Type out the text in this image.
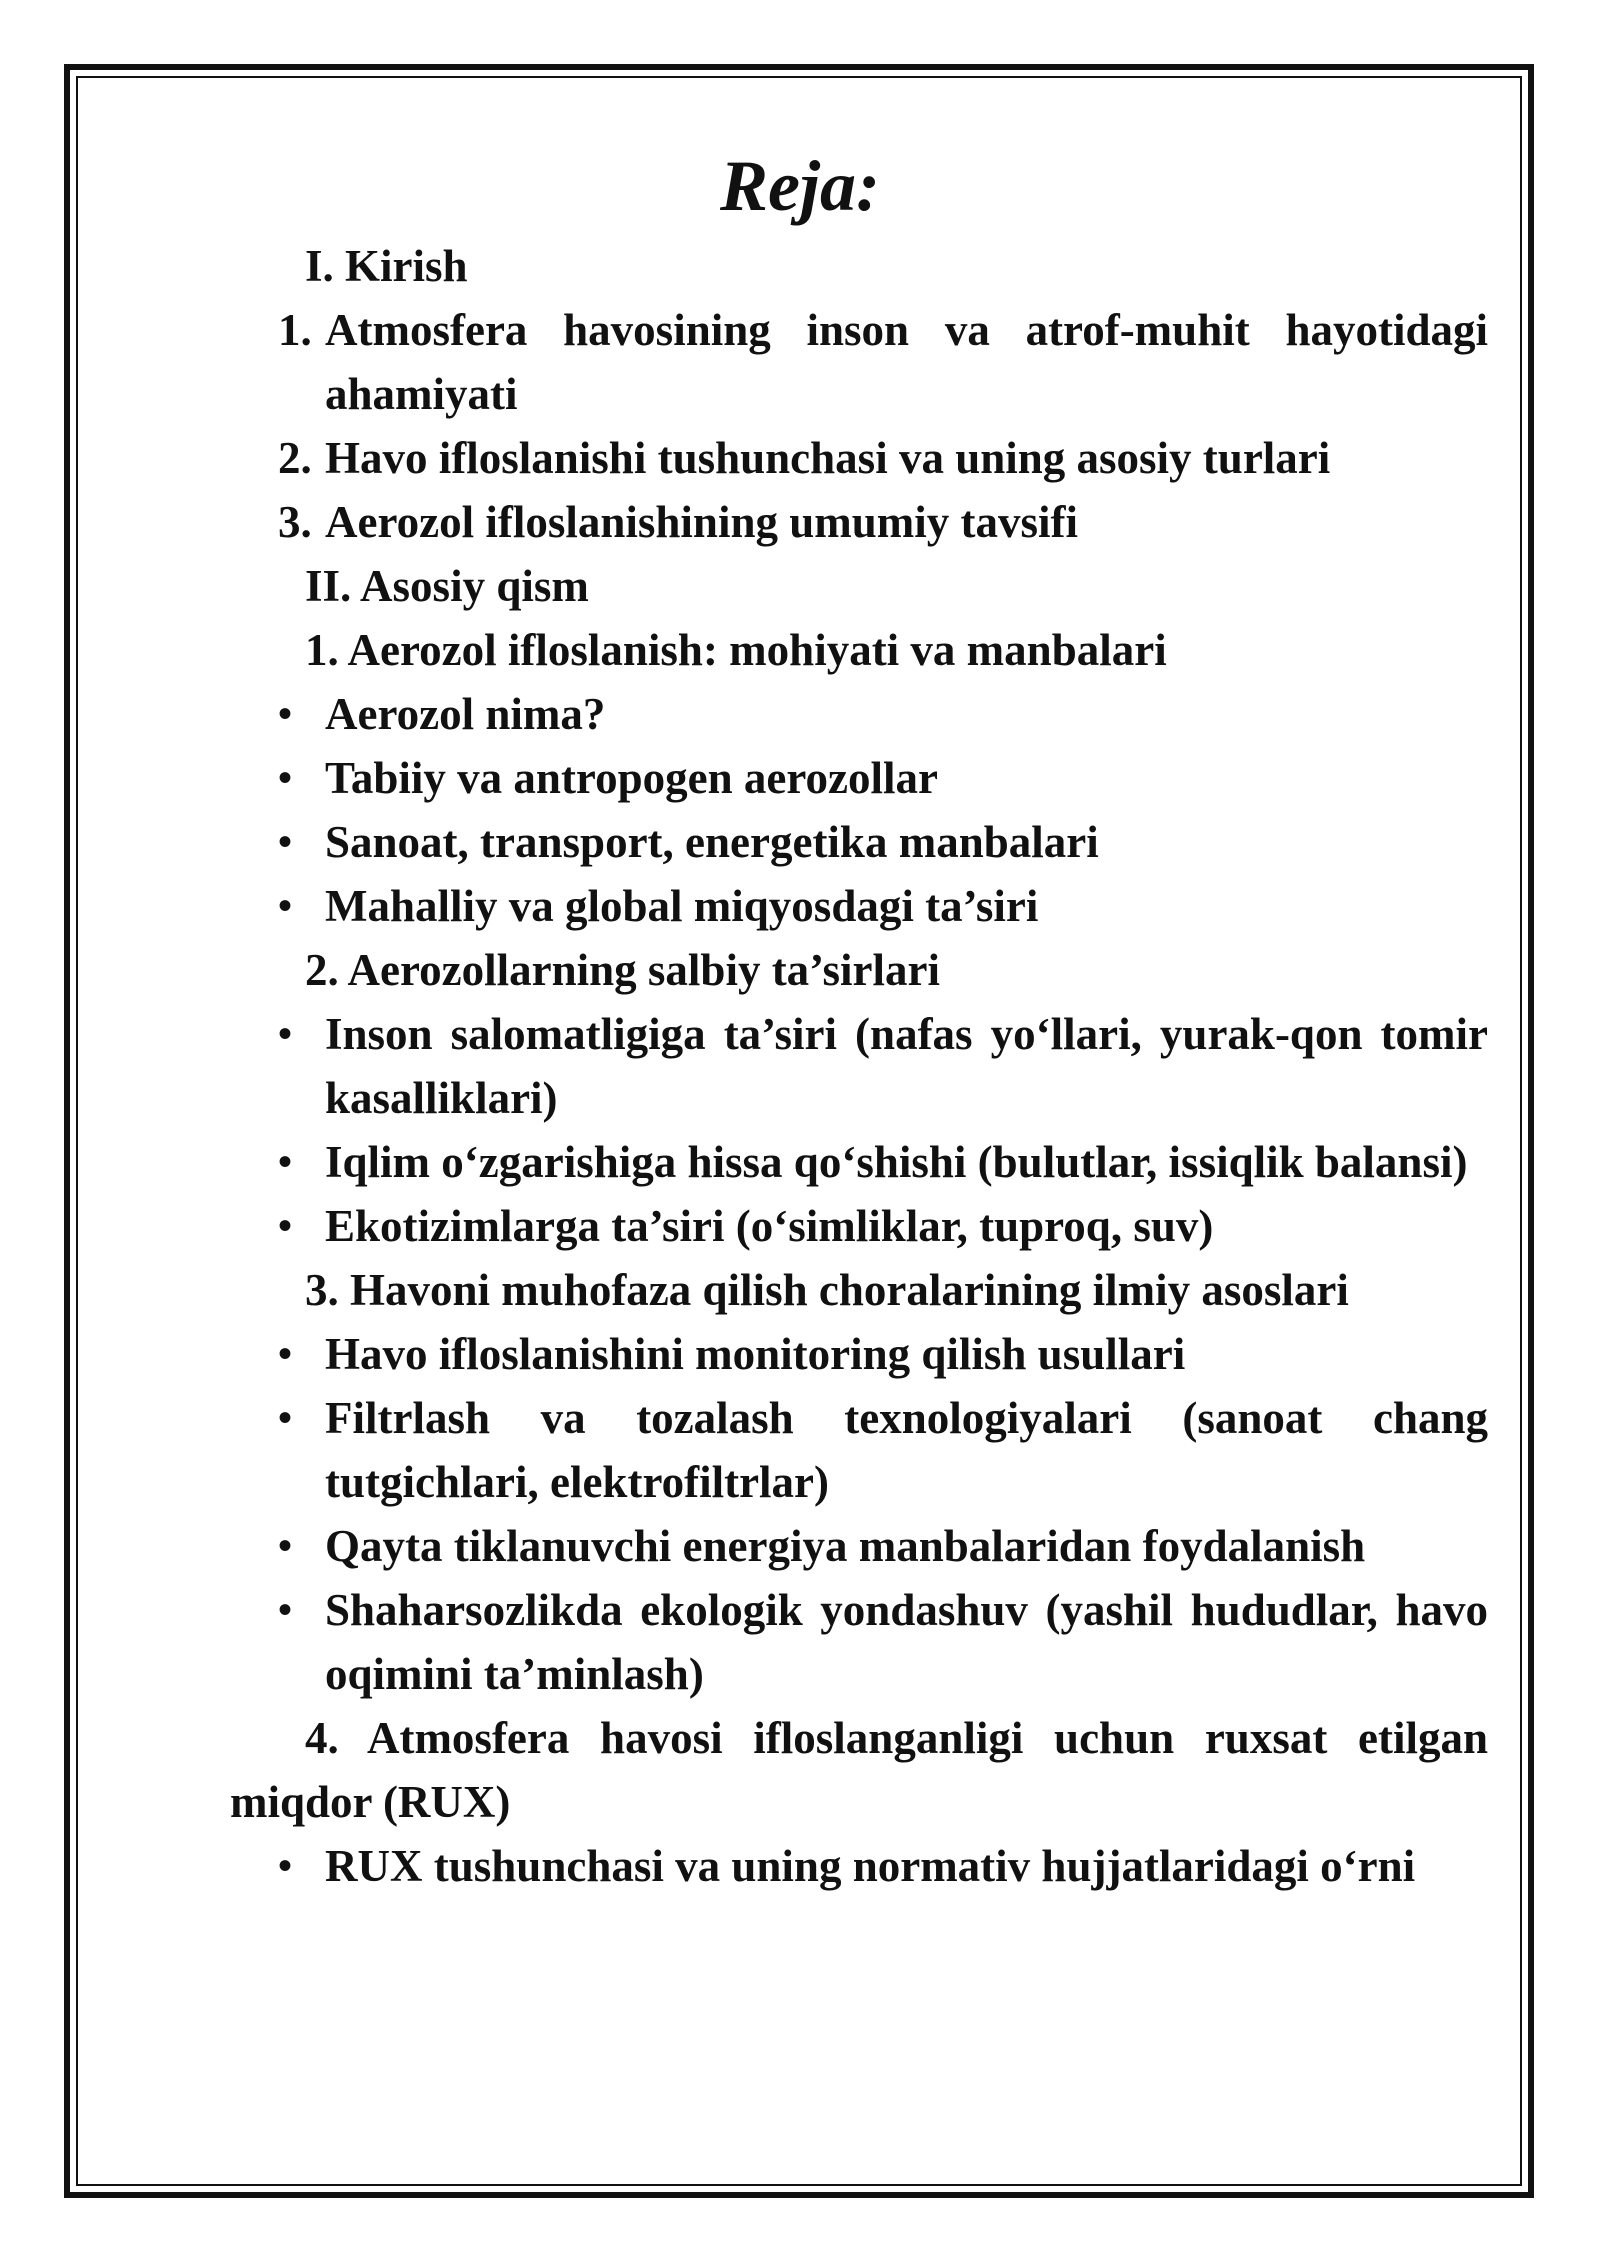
Reja:
I. Kirish
1. Atmosfera havosining inson va atrof-muhit hayotidagi ahamiyati
2. Havo ifloslanishi tushunchasi va uning asosiy turlari
3. Aerozol ifloslanishining umumiy tavsifi
II. Asosiy qism
1. Aerozol ifloslanish: mohiyati va manbalari
• Aerozol nima?
• Tabiiy va antropogen aerozollar
• Sanoat, transport, energetika manbalari
• Mahalliy va global miqyosdagi ta’siri
2. Aerozollarning salbiy ta’sirlari
• Inson salomatligiga ta’siri (nafas yo‘llari, yurak-qon tomir kasalliklari)
• Iqlim o‘zgarishiga hissa qo‘shishi (bulutlar, issiqlik balansi)
• Ekotizimlarga ta’siri (o‘simliklar, tuproq, suv)
3. Havoni muhofaza qilish choralarining ilmiy asoslari
• Havo ifloslanishini monitoring qilish usullari
• Filtrlash va tozalash texnologiyalari (sanoat chang tutgichlari, elektrofiltrlar)
• Qayta tiklanuvchi energiya manbalaridan foydalanish
• Shaharsozlikda ekologik yondashuv (yashil hududlar, havo oqimini ta’minlash)
4. Atmosfera havosi ifloslanganligi uchun ruxsat etilgan miqdor (RUX)
• RUX tushunchasi va uning normativ hujjatlaridagi o‘rni
